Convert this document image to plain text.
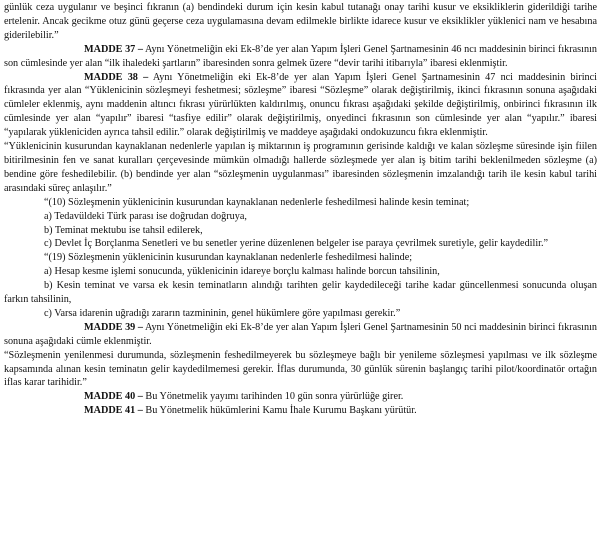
günlük ceza uygulanır ve beşinci fıkranın (a) bendindeki durum için kesin kabul tutanağı onay tarihi kusur ve eksikliklerin giderildiği tarihe ertelenir. Ancak gecikme otuz günü geçerse ceza uygulamasına devam edilmekle birlikte idarece kusur ve eksiklikler yüklenici nam ve hesabına giderilebilir.”

MADDE 37 – Aynı Yönetmeliğin eki Ek-8’de yer alan Yapım İşleri Genel Şartnamesinin 46 ncı maddesinin birinci fıkrasının son cümlesinde yer alan “ilk ihaledeki şartların” ibaresinden sonra gelmek üzere “devir tarihi itibarıyla” ibaresi eklenmiştir.

MADDE 38 – Aynı Yönetmeliğin eki Ek-8’de yer alan Yapım İşleri Genel Şartnamesinin 47 nci maddesinin birinci fıkrasında yer alan “Yüklenicinin sözleşmeyi feshetmesi; sözleşme” ibaresi “Sözleşme” olarak değiştirilmiş, ikinci fıkrasının sonuna aşağıdaki cümleler eklenmiş, aynı maddenin altıncı fıkrası yürürlükten kaldırılmış, onuncu fıkrası aşağıdaki şekilde değiştirilmiş, onbirinci fıkrasının ilk cümlesinde yer alan “yapılır” ibaresi “tasfiye edilir” olarak değiştirilmiş, onyedinci fıkrasının son cümlesinde yer alan “yapılır.” ibaresi “yapılarak yükleniciden ayrıca tahsil edilir.” olarak değiştirilmiş ve maddeye aşağıdaki ondokuzuncu fıkra eklenmiştir.

“Yüklenicinin kusurundan kaynaklanan nedenlerle yapılan iş miktarının iş programının gerisinde kaldığı ve kalan sözleşme süresinde işin fiilen bitirilmesinin fen ve sanat kuralları çerçevesinde mümkün olmadığı hallerde sözleşmede yer alan iş bitim tarihi beklenilmeden sözleşme (a) bendine göre feshedilebilir. (b) bendinde yer alan “sözleşmenin uygulanması” ibaresinden sözleşmenin imzalandığı tarih ile kesin kabul tarihi arasındaki süreç anlaşılır.”

“(10) Sözleşmenin yüklenicinin kusurundan kaynaklanan nedenlerle feshedilmesi halinde kesin teminat;

a) Tedavüldeki Türk parası ise doğrudan doğruya,

b) Teminat mektubu ise tahsil edilerek,

c) Devlet İç Borçlanma Senetleri ve bu senetler yerine düzenlenen belgeler ise paraya çevrilmek suretiyle, gelir kaydedilir.”

“(19) Sözleşmenin yüklenicinin kusurundan kaynaklanan nedenlerle feshedilmesi halinde;

a) Hesap kesme işlemi sonucunda, yüklenicinin idareye borçlu kalması halinde borcun tahsilinin,

b) Kesin teminat ve varsa ek kesin teminatların alındığı tarihten gelir kaydedileceği tarihe kadar güncellenmesi sonucunda oluşan farkın tahsilinin,

c) Varsa idarenin uğradığı zararın tazmininin, genel hükümlere göre yapılması gerekir.”

MADDE 39 – Aynı Yönetmeliğin eki Ek-8’de yer alan Yapım İşleri Genel Şartnamesinin 50 nci maddesinin birinci fıkrasının sonuna aşağıdaki cümle eklenmiştir.

“Sözleşmenin yenilenmesi durumunda, sözleşmenin feshedilmeyerek bu sözleşmeye bağlı bir yenileme sözleşmesi yapılması ve ilk sözleşme kapsamında alınan kesin teminatın gelir kaydedilmemesi gerekir. İflas durumunda, 30 günlük sürenin başlangıç tarihi pilot/koordinatör ortağın iflas karar tarihidir.”

MADDE 40 – Bu Yönetmelik yayımı tarihinden 10 gün sonra yürürlüğe girer.

MADDE 41 – Bu Yönetmelik hükümlerini Kamu İhale Kurumu Başkanı yürütür.
